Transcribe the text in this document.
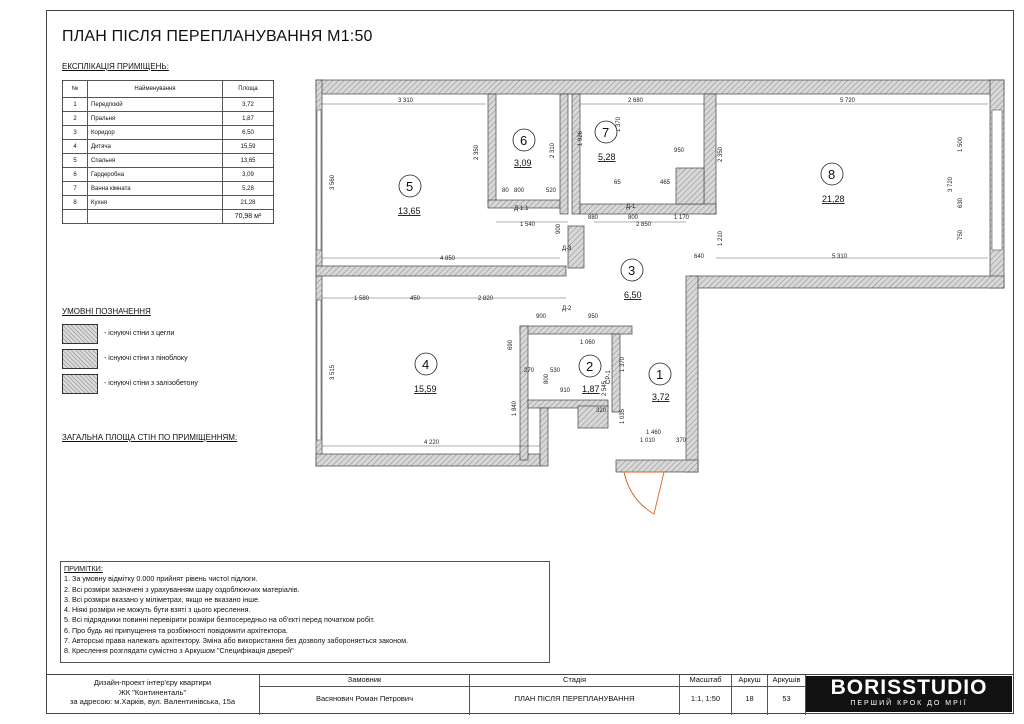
ПЛАН ПІСЛЯ ПЕРЕПЛАНУВАННЯ М1:50
ЕКСПЛІКАЦІЯ ПРИМІЩЕНЬ:
№	Найменування	Площа
1	Передпокій	3,72
2	Пральня	1,87
3	Коридор	6,50
4	Дитяча	15,59
5	Спальня	13,65
6	Гардеробна	3,09
7	Ванна кімната	5,28
8	Кухня	21,28
		70,98 м²
УМОВНІ ПОЗНАЧЕННЯ
- існуючі стіни з цегли
- існуючі стіни з піноблоку
- існуючі стіни з залізобетону
ЗАГАЛЬНА ПЛОЩА СТІН ПО ПРИМІЩЕННЯМ:
3 310	2 680	5 720
3 560
2 350	2 310
1 926
1 370
950	2 350
3 720
1 500
630
750
1 540	900
880	800	1 170
2 850
1 210
640	5 310
4 850
1 580	450	2 820
3 515
1 840
4 220
900	950
1 060
530
910
800
1 370
2 545
1 035
1 460
1 010	370
690
270
520
80 800
320
465
65
Д-1.1	Д-1
Д-3
Д-2
СР-1	1
3,72
2
1,87
3
6,50
4
15,59
5
13,65
6
3,09
7
5,28
8
21,28
ПРИМІТКИ:
1. За умовну відмітку 0.000 прийнят рівень чистої підлоги.
2. Всі розміри зазначені з урахуванням шару оздоблюючих матеріалів.
3. Всі розміри вказано у міліметрах, якщо не вказано інше.
4. Ніякі розміри не можуть бути взяті з цього креслення.
5. Всі підрядники повинні перевірити розміри безпосередньо на об'єкті перед початком робіт.
6. Про будь які припущення та розбіжності повідомити архітектора.
7. Авторські права належать архітектору. Зміна або використання без дозволу забороняється законом.
8. Креслення розглядати сумістно з Аркушом "Специфікація дверей"
Дизайн-проект інтер'єру квартири
ЖК "Континенталь"
за адресою: м.Харків, вул. Валентинівська, 15а
Замовник
Васянович Роман Петрович
Стадія
ПЛАН ПІСЛЯ ПЕРЕПЛАНУВАННЯ
Масштаб
1:1, 1:50
Аркуш
18
Аркушів
53	BORISSTUDIO
ПЕРШИЙ КРОК ДО МРІЇ
